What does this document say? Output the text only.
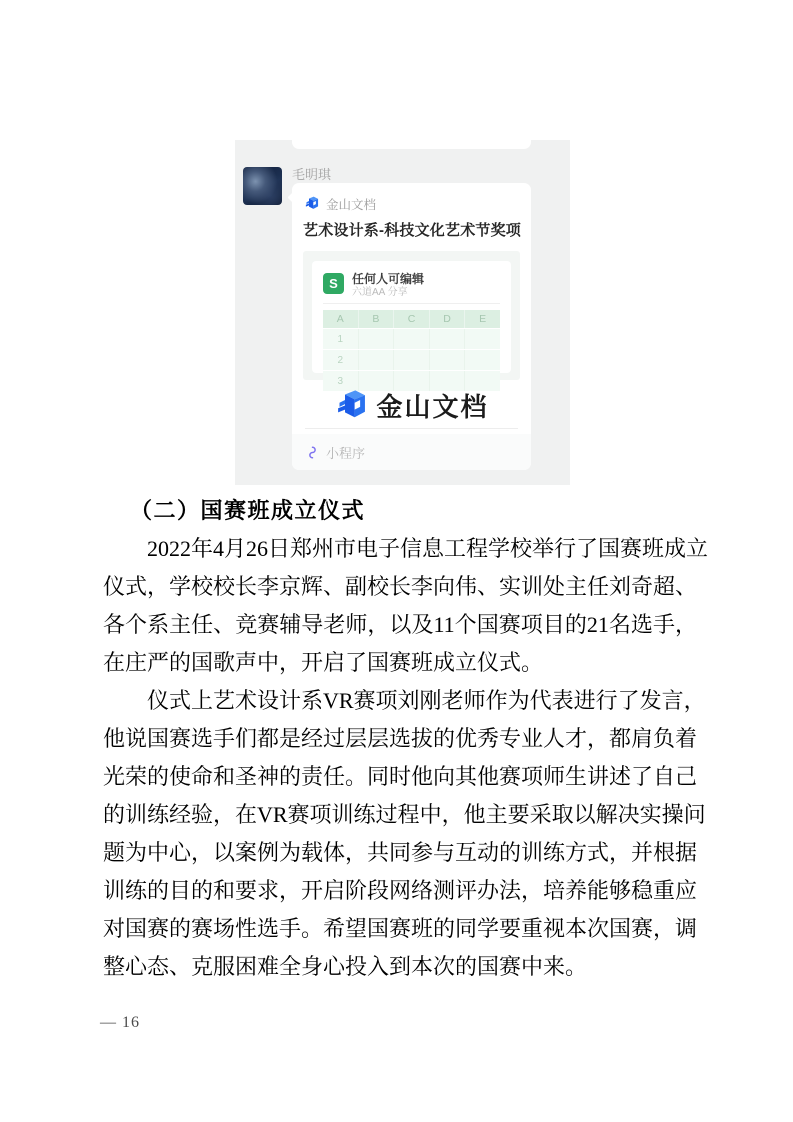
毛明琪
金山文档
艺术设计系-科技文化艺术节奖项
S	任何人可编辑
六道AA 分享
A	B	C	D	E
1
2
3
金山文档
小程序
（二）国赛班成立仪式
2022年4月26日郑州市电子信息工程学校举行了国赛班成立
仪式，学校校长李京辉、副校长李向伟、实训处主任刘奇超、
各个系主任、竞赛辅导老师，以及11个国赛项目的21名选手，
在庄严的国歌声中，开启了国赛班成立仪式。
仪式上艺术设计系VR赛项刘刚老师作为代表进行了发言，
他说国赛选手们都是经过层层选拔的优秀专业人才，都肩负着
光荣的使命和圣神的责任。同时他向其他赛项师生讲述了自己
的训练经验，在VR赛项训练过程中，他主要采取以解决实操问
题为中心，以案例为载体，共同参与互动的训练方式，并根据
训练的目的和要求，开启阶段网络测评办法，培养能够稳重应
对国赛的赛场性选手。希望国赛班的同学要重视本次国赛，调
整心态、克服困难全身心投入到本次的国赛中来。
— 16
